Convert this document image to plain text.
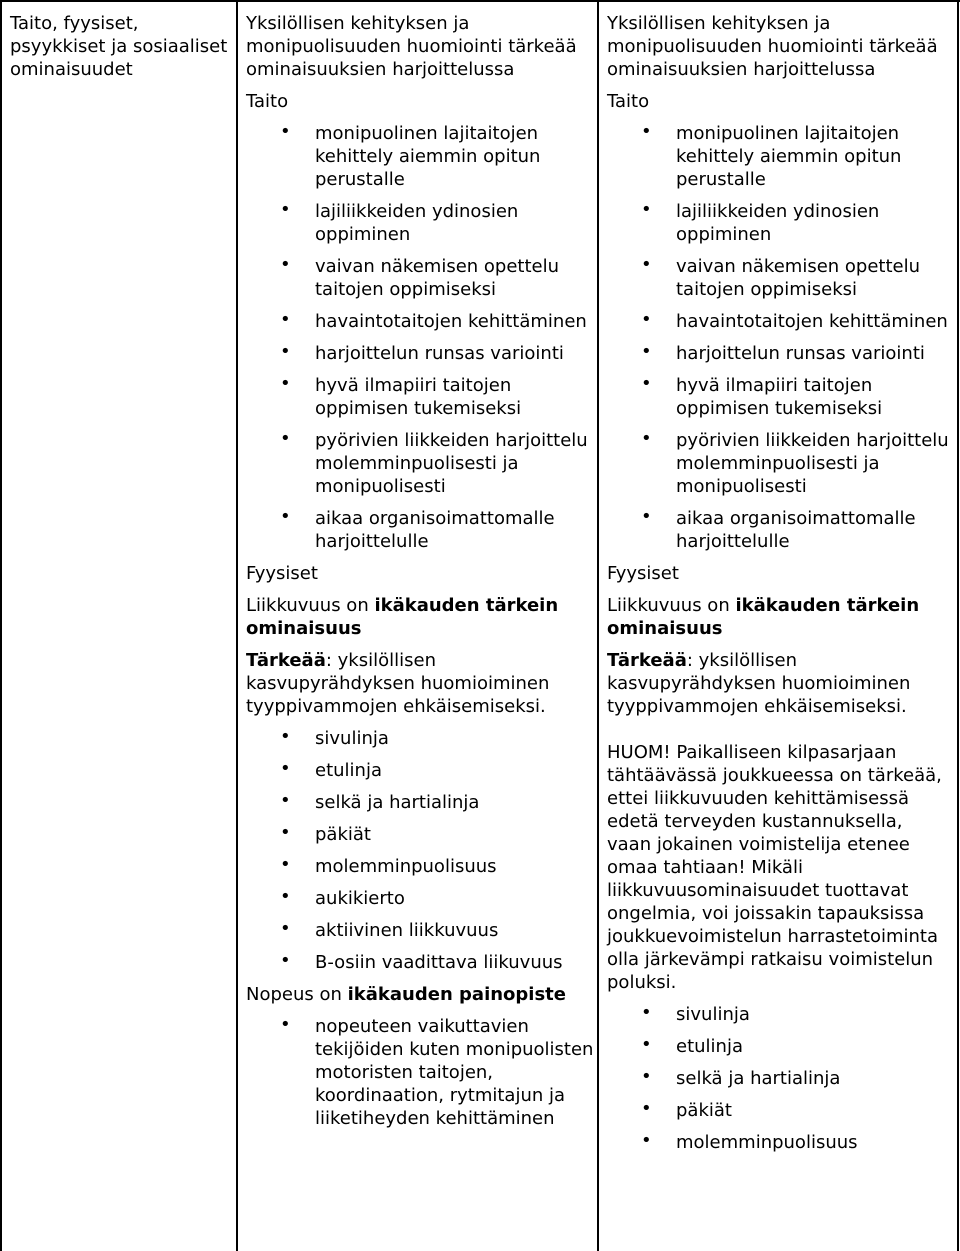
Taito, fyysiset, psyykkiset ja sosiaaliset ominaisuudet
Yksilöllisen kehityksen ja monipuolisuuden huomiointi tärkeää ominaisuuksien harjoittelussa
Taito
• monipuolinen lajitaitojen kehittely aiemmin opitun perustalle
• lajiliikkeiden ydinosien oppiminen
• vaivan näkemisen opettelu taitojen oppimiseksi
• havaintotaitojen kehittäminen
• harjoittelun runsas variointi
• hyvä ilmapiiri taitojen oppimisen tukemiseksi
• pyörivien liikkeiden harjoittelu molemminpuolisesti ja monipuolisesti
• aikaa organisoimattomalle harjoittelulle
Fyysiset
Liikkuvuus on ikäkauden tärkein ominaisuus
Tärkeää: yksilöllisen kasvupyrähdyksen huomioiminen tyyppivammojen ehkäisemiseksi.
• sivulinja
• etulinja
• selkä ja hartialinja
• päkiät
• molemminpuolisuus
• aukikierto
• aktiivinen liikkuvuus
• B-osiin vaadittava liikuvuus
Nopeus on ikäkauden painopiste
• nopeuteen vaikuttavien tekijöiden kuten monipuolisten motoristen taitojen, koordinaation, rytmitajun ja liiketiheyden kehittäminen
Yksilöllisen kehityksen ja monipuolisuuden huomiointi tärkeää ominaisuuksien harjoittelussa
Taito
• monipuolinen lajitaitojen kehittely aiemmin opitun perustalle
• lajiliikkeiden ydinosien oppiminen
• vaivan näkemisen opettelu taitojen oppimiseksi
• havaintotaitojen kehittäminen
• harjoittelun runsas variointi
• hyvä ilmapiiri taitojen oppimisen tukemiseksi
• pyörivien liikkeiden harjoittelu molemminpuolisesti ja monipuolisesti
• aikaa organisoimattomalle harjoittelulle
Fyysiset
Liikkuvuus on ikäkauden tärkein ominaisuus
Tärkeää: yksilöllisen kasvupyrähdyksen huomioiminen tyyppivammojen ehkäisemiseksi.
HUOM! Paikalliseen kilpasarjaan tähtäävässä joukkueessa on tärkeää, ettei liikkuvuuden kehittämisessä edetä terveyden kustannuksella, vaan jokainen voimistelija etenee omaa tahtiaan! Mikäli liikkuvuusominaisuudet tuottavat ongelmia, voi joissakin tapauksissa joukkuevoimistelun harrastetoiminta olla järkevämpi ratkaisu voimistelun poluksi.
• sivulinja
• etulinja
• selkä ja hartialinja
• päkiät
• molemminpuolisuus
